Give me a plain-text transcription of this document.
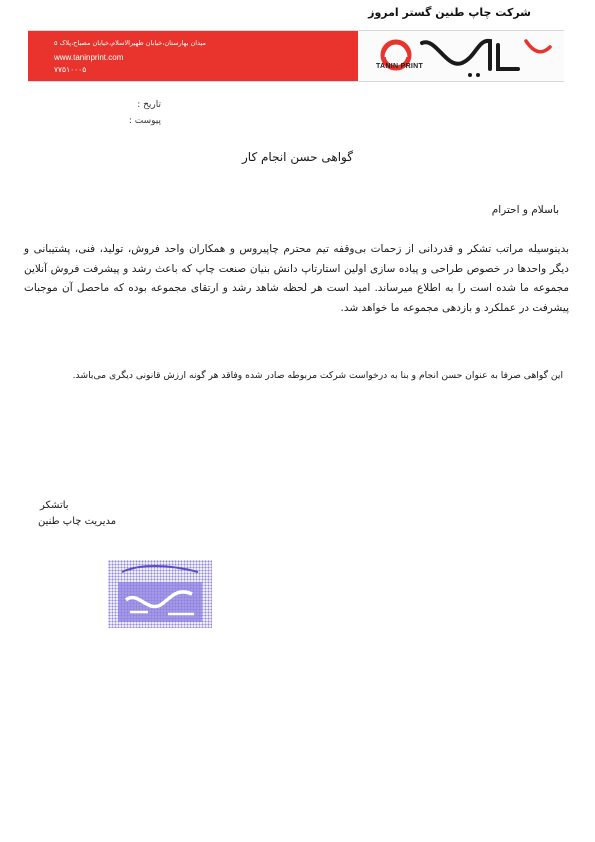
شرکت چاپ طنین گستر امروز
میدان بهارستان،خیابان ظهیرالاسلام،خیابان مصباح،پلاک ۵
www.taninprint.com
۷۷۵۱۰۰۰۵	TANIN PRINT
تاریخ :
پیوست :
گواهی حسن انجام کار
باسلام و احترام
بدینوسیله مراتب تشکر و قدردانی از زحمات بی‌وقفه تیم محترم چاپیروس و همکاران واحد فروش، تولید، فنی، پشتیبانی و دیگر واحدها در خصوص طراحی و پیاده سازی اولین استارتاپ دانش بنیان صنعت چاپ که باعث رشد و پیشرفت فروش آنلاین مجموعه ما شده است را به اطلاع میرساند. امید است هر لحظه شاهد رشد و ارتقای مجموعه بوده که ماحصل آن موجبات پیشرفت در عملکرد و بازدهی مجموعه ما خواهد شد.
این گواهی صرفا به عنوان حسن انجام و بنا به درخواست شرکت مربوطه صادر شده وفاقد هر گونه ارزش قانونی دیگری می‌باشد.
باتشکر
مدیریت چاپ طنین
